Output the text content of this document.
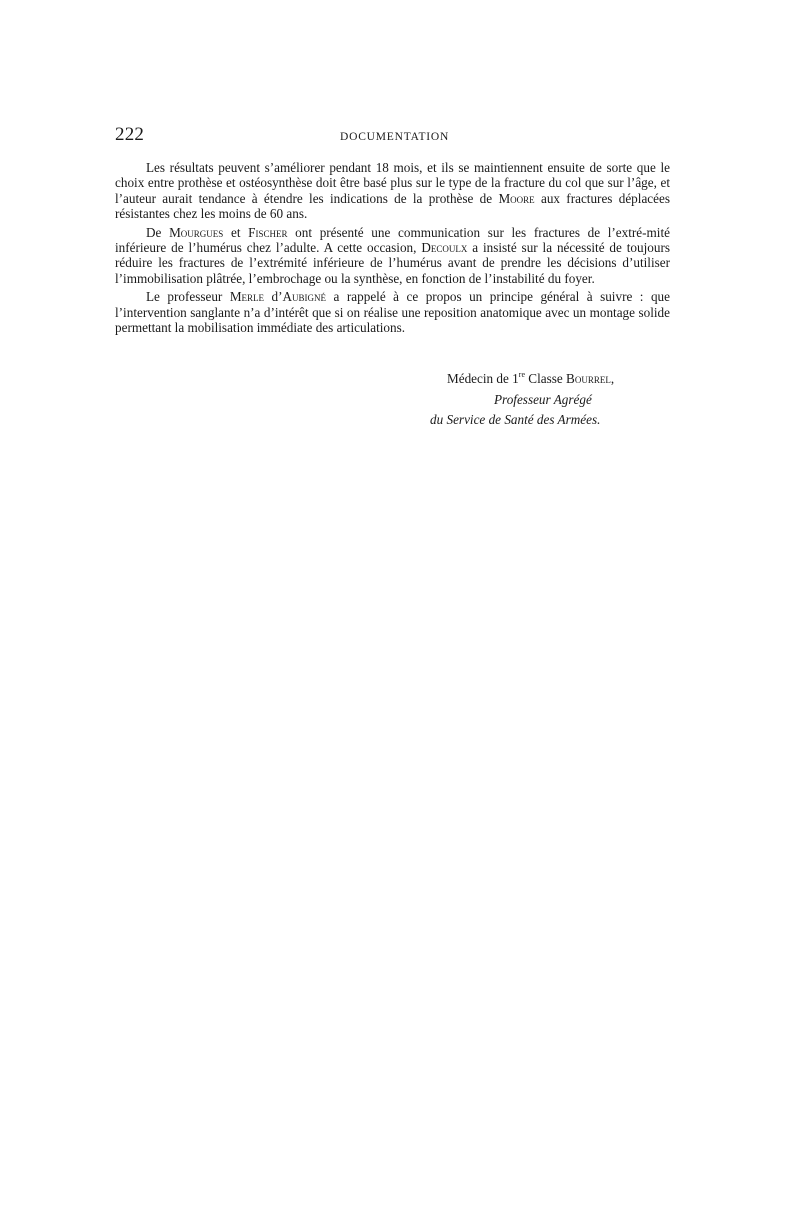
222	DOCUMENTATION

Les résultats peuvent s’améliorer pendant 18 mois, et ils se maintiennent ensuite de sorte que le choix entre prothèse et ostéosynthèse doit être basé plus sur le type de la fracture du col que sur l’âge, et l’auteur aurait tendance à étendre les indications de la prothèse de Moore aux fractures déplacées résistantes chez les moins de 60 ans.

De Mourgues et Fischer ont présenté une communication sur les fractures de l’extré-mité inférieure de l’humérus chez l’adulte. A cette occasion, Decoulx a insisté sur la nécessité de toujours réduire les fractures de l’extrémité inférieure de l’humérus avant de prendre les décisions d’utiliser l’immobilisation plâtrée, l’embrochage ou la synthèse, en fonction de l’instabilité du foyer.

Le professeur Merle d’Aubigné a rappelé à ce propos un principe général à suivre : que l’intervention sanglante n’a d’intérêt que si on réalise une reposition anatomique avec un montage solide permettant la mobilisation immédiate des articulations.

Médecin de 1re Classe Bourrel,
Professeur Agrégé
du Service de Santé des Armées.
